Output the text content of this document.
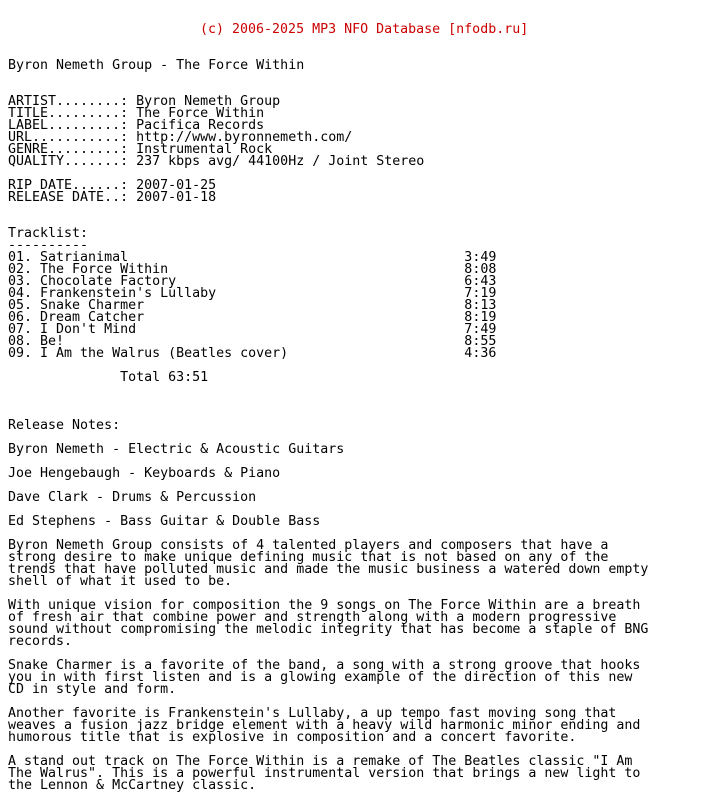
(c) 2006-2025 MP3 NFO Database [nfodb.ru]

Byron Nemeth Group - The Force Within
ARTIST........: Byron Nemeth Group
TITLE.........: The Force Within
LABEL.........: Pacifica Records
URL...........: http://www.byronnemeth.com/
GENRE.........: Instrumental Rock
QUALITY.......: 237 kbps avg/ 44100Hz / Joint Stereo
RIP DATE......: 2007-01-25
RELEASE DATE..: 2007-01-18
Tracklist:
----------
01. Satrianimal                                          3:49
02. The Force Within                                     8:08
03. Chocolate Factory                                    6:43
04. Frankenstein's Lullaby                               7:19
05. Snake Charmer                                        8:13
06. Dream Catcher                                        8:19
07. I Don't Mind                                         7:49
08. Be!                                                  8:55
09. I Am the Walrus (Beatles cover)                      4:36
Total 63:51
Release Notes:
Byron Nemeth - Electric & Acoustic Guitars
Joe Hengebaugh - Keyboards & Piano
Dave Clark - Drums & Percussion
Ed Stephens - Bass Guitar & Double Bass
Byron Nemeth Group consists of 4 talented players and composers that have a
strong desire to make unique defining music that is not based on any of the
trends that have polluted music and made the music business a watered down empty
shell of what it used to be.
With unique vision for composition the 9 songs on The Force Within are a breath
of fresh air that combine power and strength along with a modern progressive
sound without compromising the melodic integrity that has become a staple of BNG
records.
Snake Charmer is a favorite of the band, a song with a strong groove that hooks
you in with first listen and is a glowing example of the direction of this new
CD in style and form.
Another favorite is Frankenstein's Lullaby, a up tempo fast moving song that
weaves a fusion jazz bridge element with a heavy wild harmonic minor ending and
humorous title that is explosive in composition and a concert favorite.
A stand out track on The Force Within is a remake of The Beatles classic "I Am
The Walrus". This is a powerful instrumental version that brings a new light to
the Lennon & McCartney classic.
